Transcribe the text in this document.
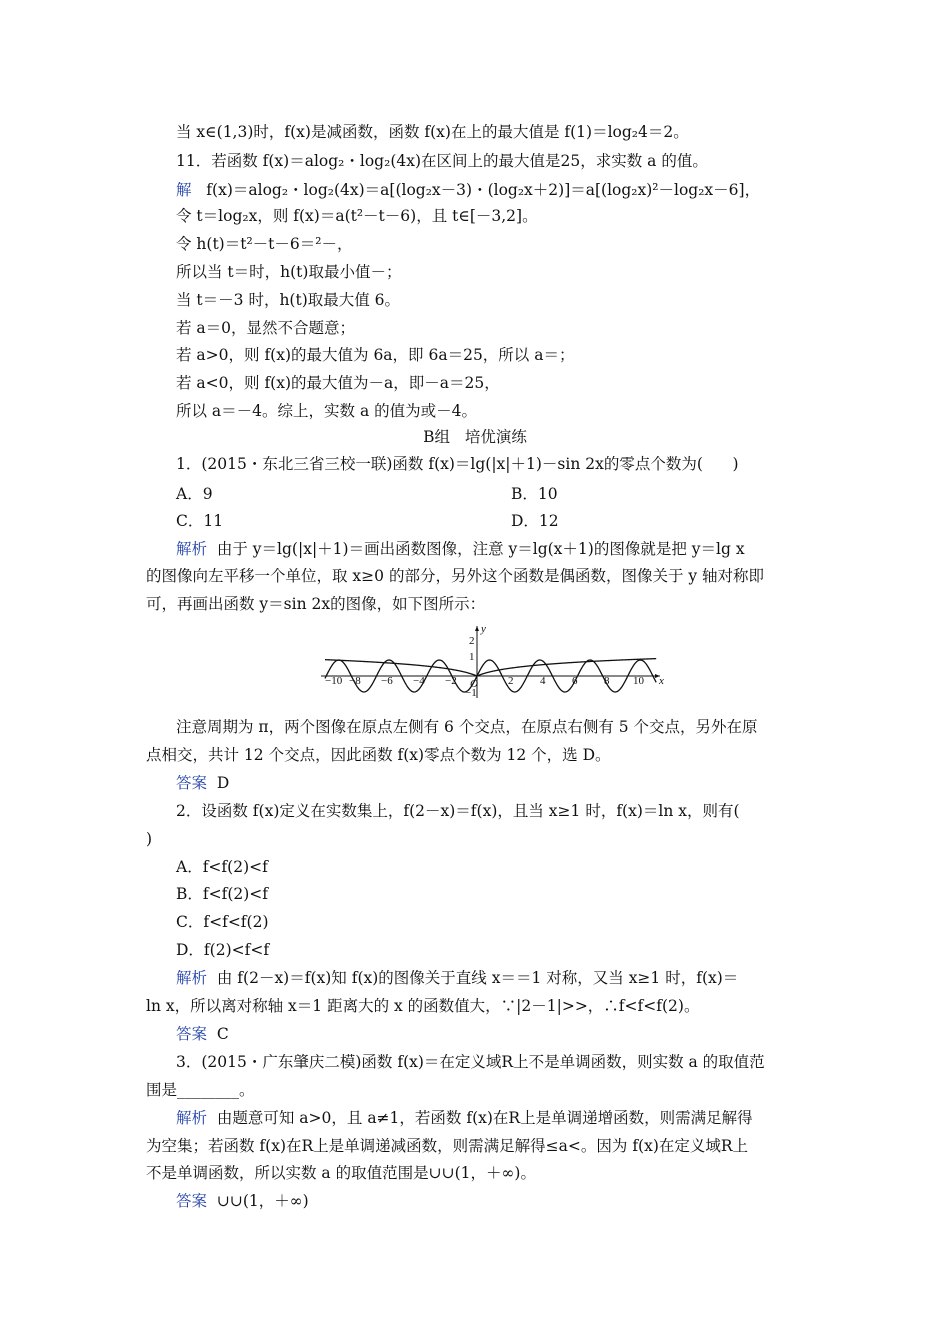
当 x∈(1,3)时，f(x)是减函数，函数 f(x)在上的最大值是 f(1)＝log₂4＝2。
11．若函数 f(x)＝alog₂・log₂(4x)在区间上的最大值是25，求实数 a 的值。
解   f(x)＝alog₂・log₂(4x)＝a[(log₂x－3)・(log₂x＋2)]＝a[(log₂x)²－log₂x－6]，
令 t＝log₂x，则 f(x)＝a(t²－t－6)，且 t∈[－3,2]。
令 h(t)＝t²－t－6＝²－，
所以当 t＝时，h(t)取最小值－；
当 t＝－3 时，h(t)取最大值 6。
若 a＝0，显然不合题意；
若 a>0，则 f(x)的最大值为 6a，即 6a＝25，所以 a＝；
若 a<0，则 f(x)的最大值为－a，即－a＝25，
所以 a＝－4。综上，实数 a 的值为或－4。
B组   培优演练
1．(2015・东北三省三校一联)函数 f(x)＝lg(|x|＋1)－sin 2x的零点个数为(      )
A．9	B．10
C．11	D．12
解析  由于 y＝lg(|x|＋1)＝画出函数图像，注意 y＝lg(x＋1)的图像就是把 y＝lg x
的图像向左平移一个单位，取 x≥0 的部分，另外这个函数是偶函数，图像关于 y 轴对称即
可，再画出函数 y＝sin 2x的图像，如下图所示：
−10 −8 −6 −4 −2	2 4 6 8 10 x
y
2
1
−1
O
注意周期为 π，两个图像在原点左侧有 6 个交点，在原点右侧有 5 个交点，另外在原
点相交，共计 12 个交点，因此函数 f(x)零点个数为 12 个，选 D。
答案  D
2．设函数 f(x)定义在实数集上，f(2－x)＝f(x)，且当 x≥1 时，f(x)＝ln x，则有(
)
A．f<f(2)<f
B．f<f(2)<f
C．f<f<f(2)
D．f(2)<f<f
解析  由 f(2－x)＝f(x)知 f(x)的图像关于直线 x＝＝1 对称，又当 x≥1 时，f(x)＝
ln x，所以离对称轴 x＝1 距离大的 x 的函数值大，∵|2－1|>>，∴f<f<f(2)。
答案  C
3．(2015・广东肇庆二模)函数 f(x)＝在定义域R上不是单调函数，则实数 a 的取值范
围是________。
解析  由题意可知 a>0，且 a≠1，若函数 f(x)在R上是单调递增函数，则需满足解得
为空集；若函数 f(x)在R上是单调递减函数，则需满足解得≤a<。因为 f(x)在定义域R上
不是单调函数，所以实数 a 的取值范围是∪∪(1，＋∞)。
答案  ∪∪(1，＋∞)
